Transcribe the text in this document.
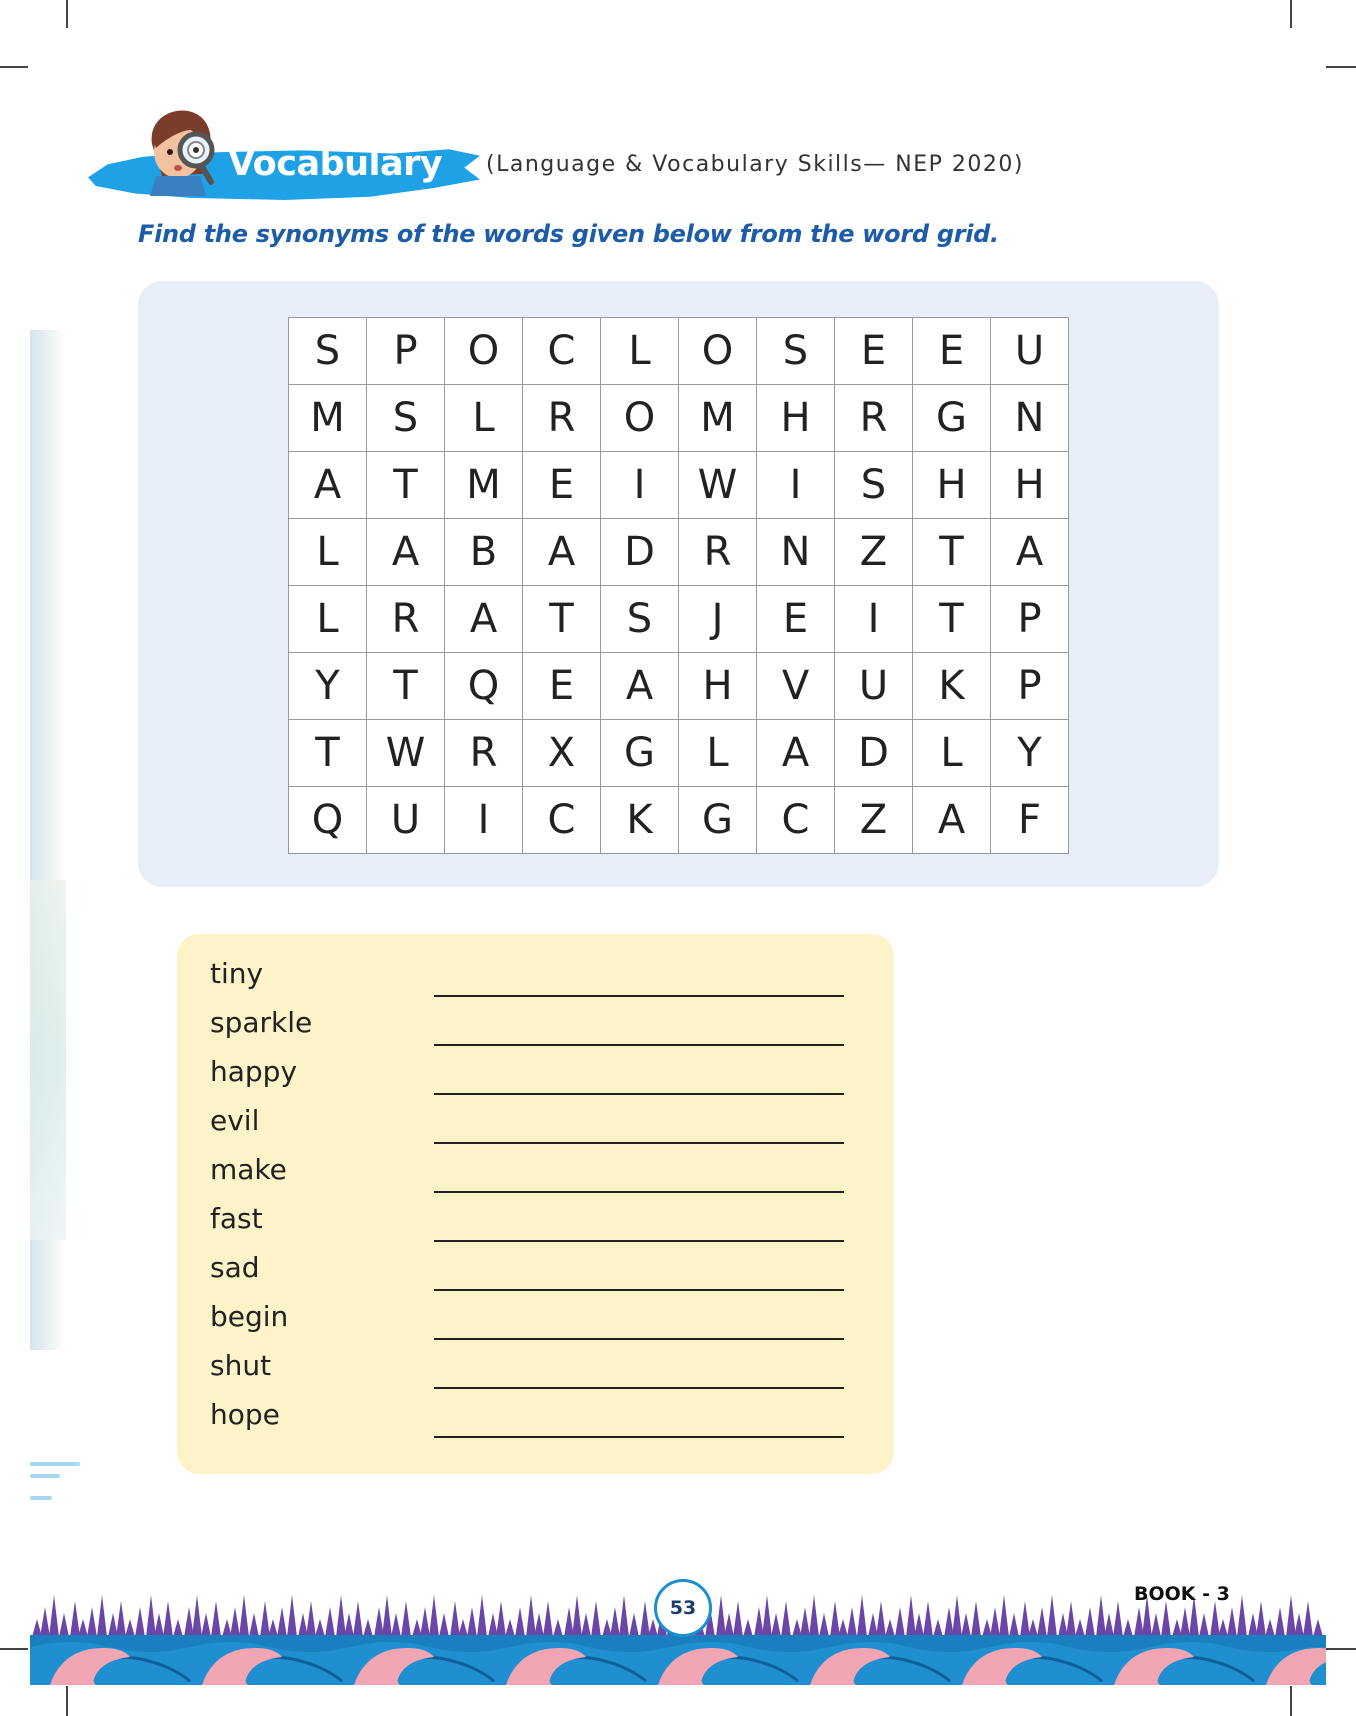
Vocabulary (Language & Vocabulary Skills— NEP 2020)
Find the synonyms of the words given below from the word grid.
S	P	O	C	L	O	S	E	E	U
M	S	L	R	O	M	H	R	G	N
A	T	M	E	I	W	I	S	H	H
L	A	B	A	D	R	N	Z	T	A
L	R	A	T	S	J	E	I	T	P
Y	T	Q	E	A	H	V	U	K	P
T	W	R	X	G	L	A	D	L	Y
Q	U	I	C	K	G	C	Z	A	F
tiny
sparkle
happy
evil
make
fast
sad
begin
shut
hope
53
BOOK - 3
